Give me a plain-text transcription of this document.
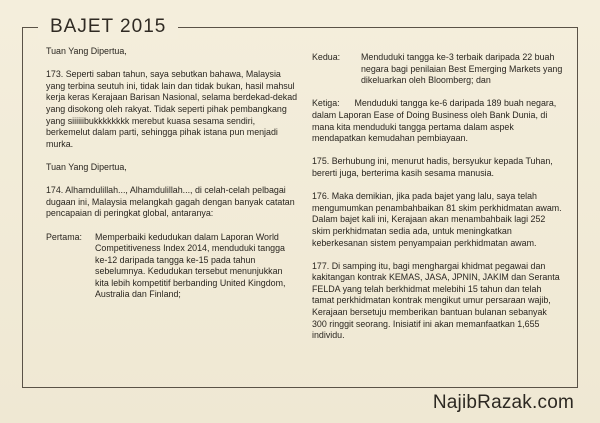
BAJET 2015

Tuan Yang Dipertua,

173. Seperti saban tahun, saya sebutkan bahawa, Malaysia yang terbina seutuh ini, tidak lain dan tidak bukan, hasil mahsul kerja keras Kerajaan Barisan Nasional, selama berdekad-dekad yang disokong oleh rakyat. Tidak seperti pihak pembangkang yang siiiiiibukkkkkkkk merebut kuasa sesama sendiri, berkemelut dalam parti, sehingga pihak istana pun menjadi murka.

Tuan Yang Dipertua,

174. Alhamdulillah..., Alhamdulillah..., di celah-celah pelbagai dugaan ini, Malaysia melangkah gagah dengan banyak catatan pencapaian di peringkat global, antaranya:

Pertama:	Memperbaiki kedudukan dalam Laporan World Competitiveness Index 2014, menduduki tangga ke-12 daripada tangga ke-15 pada tahun sebelumnya. Kedudukan tersebut menunjukkan kita lebih kompetitif berbanding United Kingdom, Australia dan Finland;
Kedua:	Menduduki tangga ke-3 terbaik daripada 22 buah negara bagi penilaian Best Emerging Markets yang dikeluarkan oleh Bloomberg; dan

Ketiga: Menduduki tangga ke-6 daripada 189 buah negara, dalam Laporan Ease of Doing Business oleh Bank Dunia, di mana kita menduduki tangga pertama dalam aspek mendapatkan kemudahan pembiayaan.

175. Berhubung ini, menurut hadis, bersyukur kepada Tuhan, bererti juga, berterima kasih sesama manusia.

176. Maka demikian, jika pada bajet yang lalu, saya telah mengumumkan penambahbaikan 81 skim perkhidmatan awam. Dalam bajet kali ini, Kerajaan akan menambahbaik lagi 252 skim perkhidmatan sedia ada, untuk meningkatkan keberkesanan sistem penyampaian perkhidmatan awam.

177. Di samping itu, bagi menghargai khidmat pegawai dan kakitangan kontrak KEMAS, JASA, JPNIN, JAKIM dan Seranta FELDA yang telah berkhidmat melebihi 15 tahun dan telah tamat perkhidmatan kontrak mengikut umur persaraan wajib, Kerajaan bersetuju memberikan bantuan bulanan sebanyak 300 ringgit seorang. Inisiatif ini akan memanfaatkan 1,655 individu.

NajibRazak.com
